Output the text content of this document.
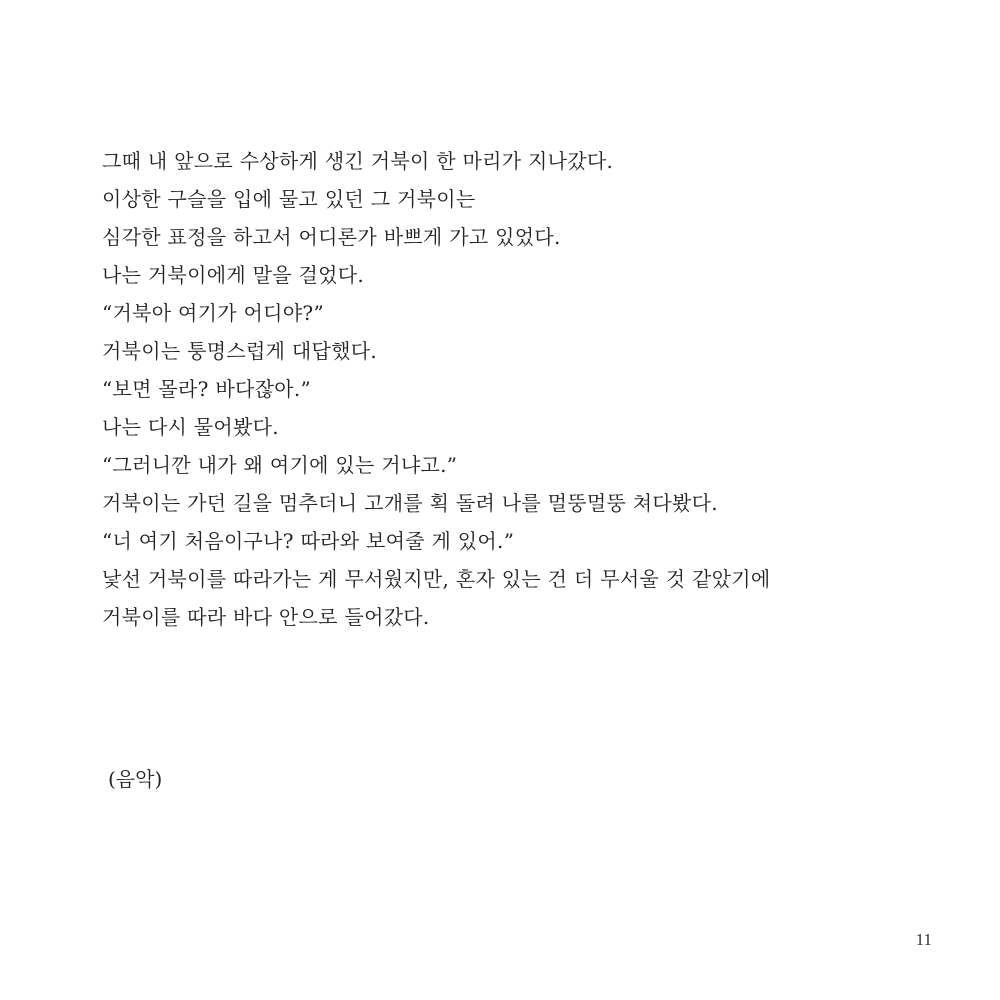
그때 내 앞으로 수상하게 생긴 거북이 한 마리가 지나갔다.
이상한 구슬을 입에 물고 있던 그 거북이는
심각한 표정을 하고서 어디론가 바쁘게 가고 있었다.
나는 거북이에게 말을 걸었다.
“거북아 여기가 어디야?”
거북이는 퉁명스럽게 대답했다.
“보면 몰라? 바다잖아.”
나는 다시 물어봤다.
“그러니깐 내가 왜 여기에 있는 거냐고.”
거북이는 가던 길을 멈추더니 고개를 획 돌려 나를 멀뚱멀뚱 쳐다봤다.
“너 여기 처음이구나? 따라와 보여줄 게 있어.”
낯선 거북이를 따라가는 게 무서웠지만, 혼자 있는 건 더 무서울 것 같았기에
거북이를 따라 바다 안으로 들어갔다.
(음악)
11
